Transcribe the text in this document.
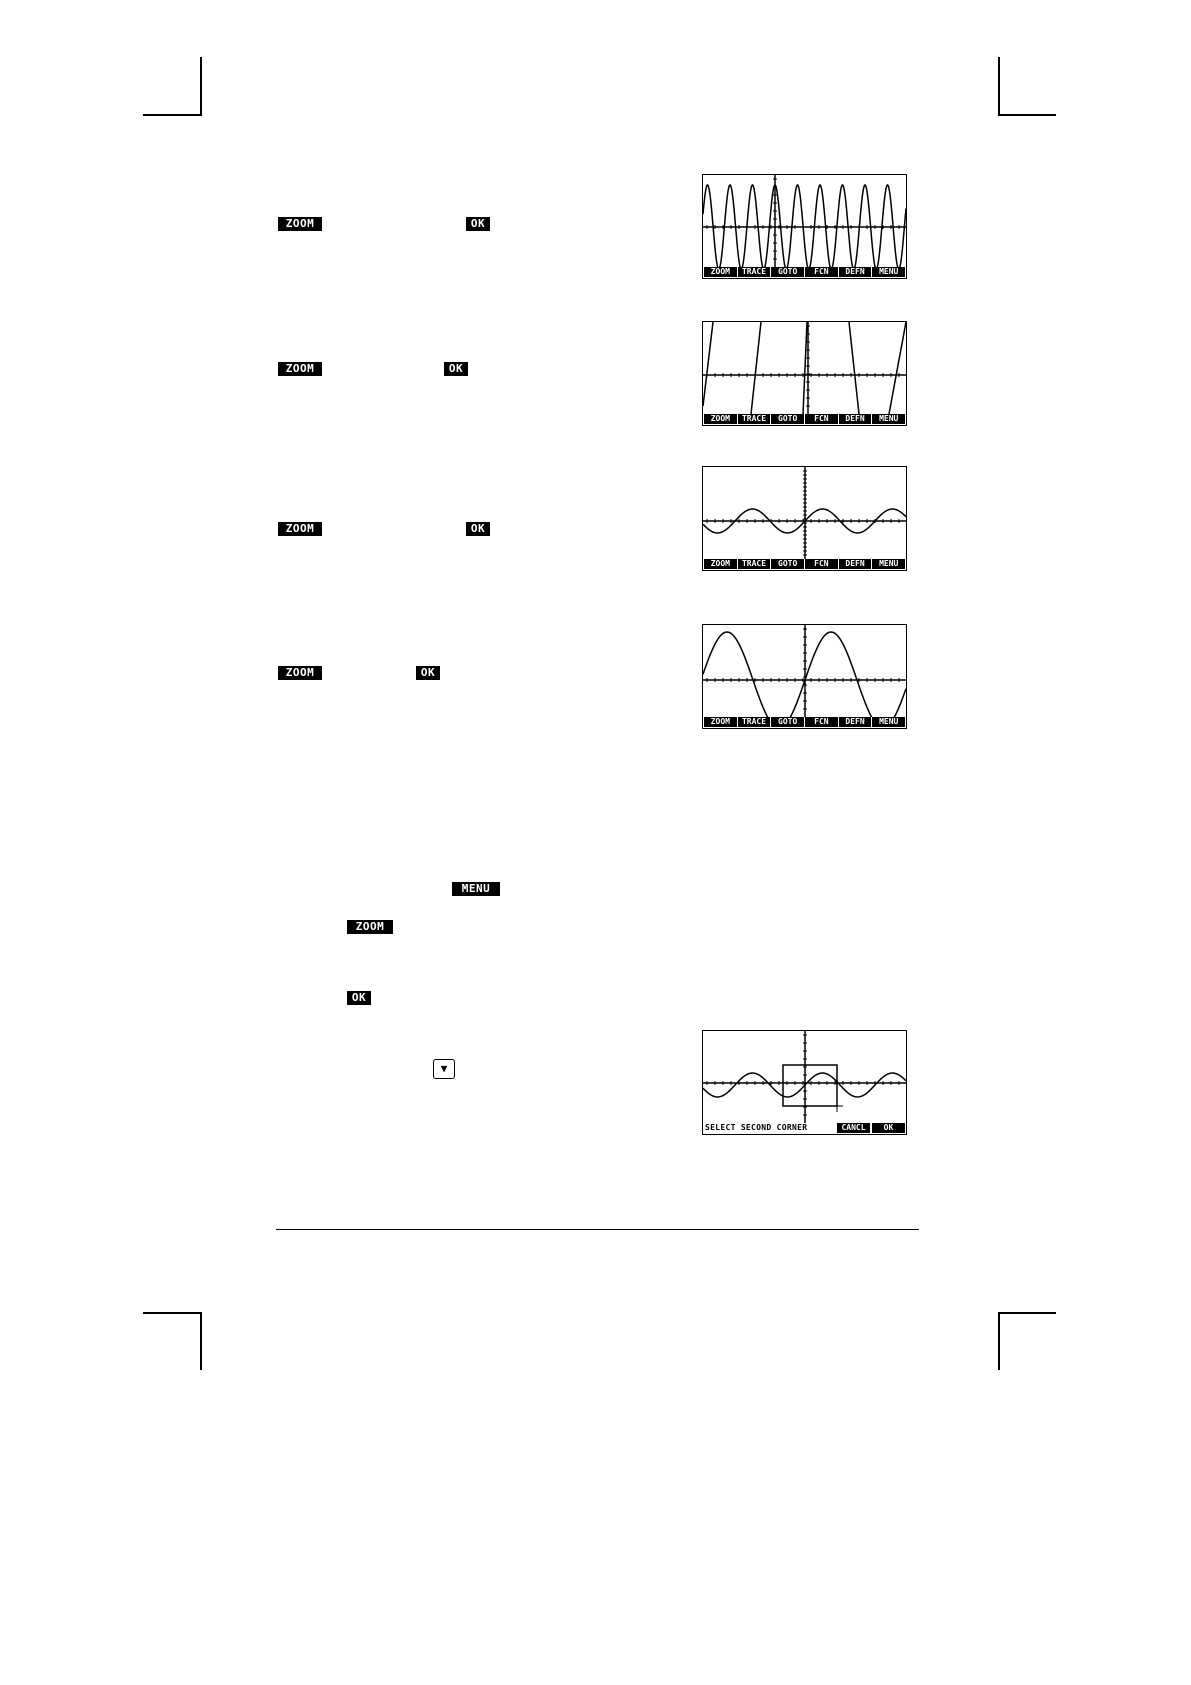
ZOOM	OK
ZOOM	OK
ZOOM	OK
ZOOM	OK
MENU
ZOOM
OK
▼
ZOOM	TRACE	GOTO	FCN	DEFN	MENU
ZOOM	TRACE	GOTO	FCN	DEFN	MENU
ZOOM	TRACE	GOTO	FCN	DEFN	MENU
ZOOM	TRACE	GOTO	FCN	DEFN	MENU
SELECT SECOND CORNER	CANCL	OK
